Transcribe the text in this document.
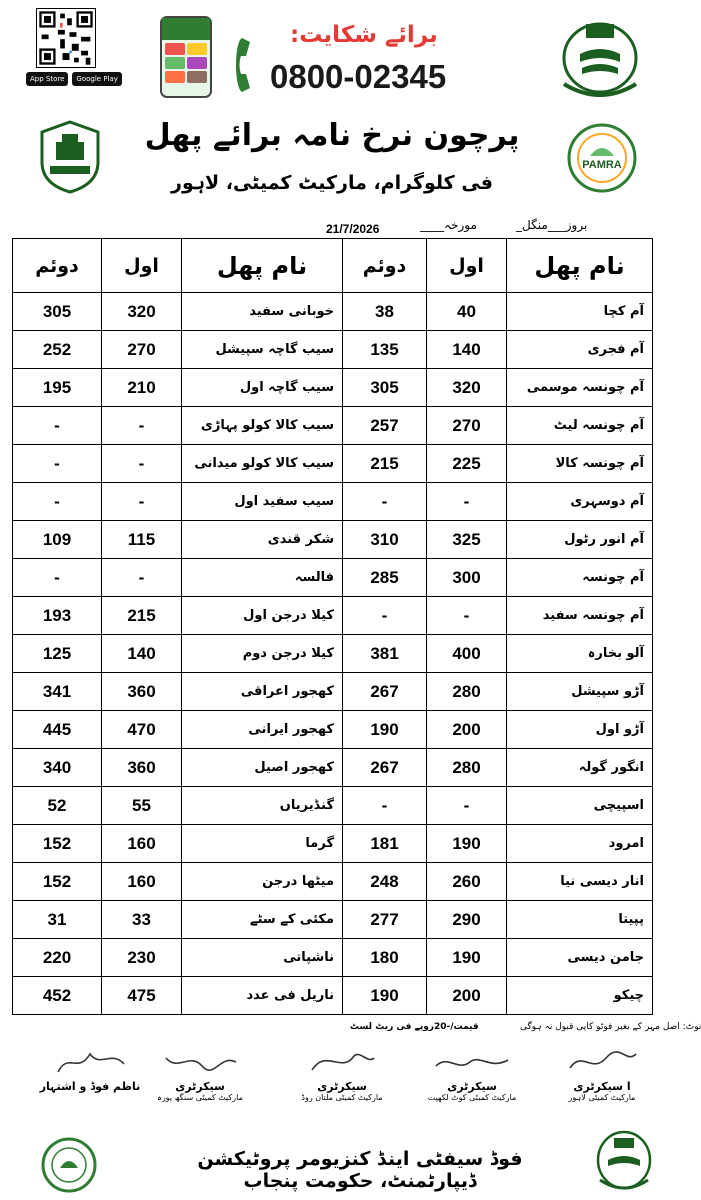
App Store	Google Play
برائے شکایت:
0800-02345
PAMRA
پرچون نرخ نامہ برائے پھل
فی کلوگرام، مارکیٹ کمیٹی، لاہور
بروز___منگل_
مورخہ____
21/7/2026
نام پھل	اول	دوئم	نام پھل	اول	دوئم
آم کچا	40	38	خوبانی سفید	320	305
آم فجری	140	135	سیب گاچہ سپیشل	270	252
آم چونسہ موسمی	320	305	سیب گاچہ اول	210	195
آم چونسہ لیٹ	270	257	سیب کالا کولو پہاڑی	-	-
آم چونسہ کالا	225	215	سیب کالا کولو میدانی	-	-
آم دوسہری	-	-	سیب سفید اول	-	-
آم انور رٹول	325	310	شکر قندی	115	109
آم چونسہ	300	285	فالسہ	-	-
آم چونسہ سفید	-	-	کیلا درجن اول	215	193
آلو بخارہ	400	381	کیلا درجن دوم	140	125
آڑو سپیشل	280	267	کھجور اعراقی	360	341
آڑو اول	200	190	کھجور ایرانی	470	445
انگور گولہ	280	267	کھجور اصیل	360	340
اسپیچی	-	-	گنڈیریاں	55	52
امرود	190	181	گرما	160	152
انار دیسی نیا	260	248	میٹھا درجن	160	152
پپیتا	290	277	مکئی کے سٹے	33	31
جامن دیسی	190	180	ناشپاتی	230	220
چیکو	200	190	ناریل فی عدد	475	452
نوٹ: اصل مہر کے بغیر فوٹو کاپی قبول نہ ہوگی
قیمت/-20روپے فی ریٹ لسٹ
ا سیکرٹری
مارکیٹ کمیٹی لاہور
سیکرٹری
مارکیٹ کمیٹی کوٹ لکھپت
سیکرٹری
مارکیٹ کمیٹی ملتان روڈ
سیکرٹری
مارکیٹ کمیٹی سنگھ پورہ
ناظم فوڈ و اشتہار
فوڈ سیفٹی اینڈ کنزیومر پروٹیکشن ڈیپارٹمنٹ، حکومت پنجاب
